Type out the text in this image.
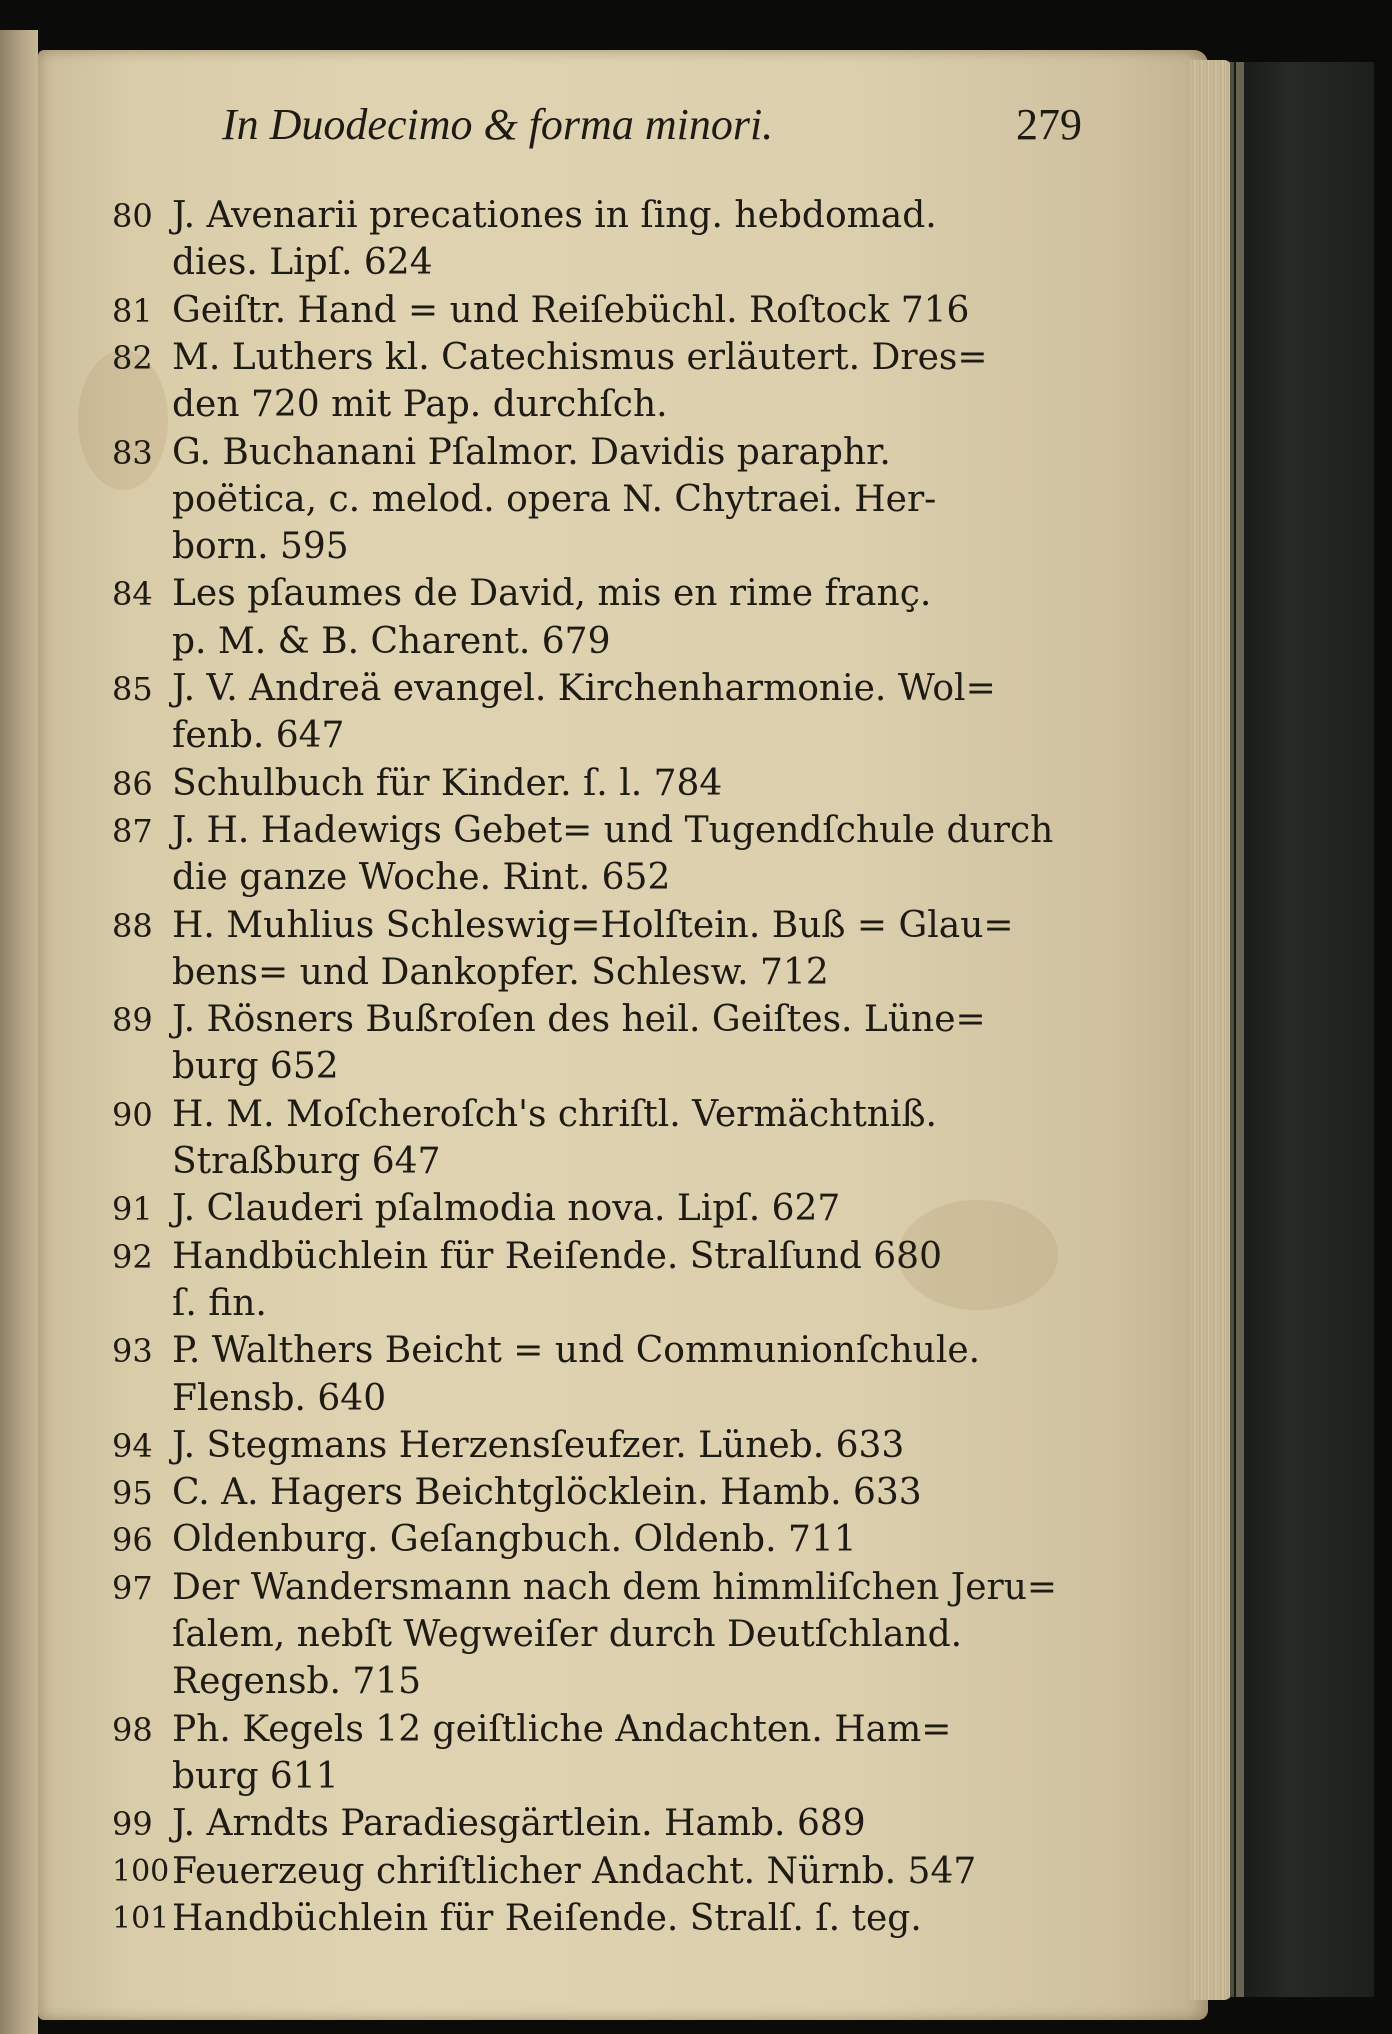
In Duodecimo & forma minori.	279
80 J. Avenarii precationes in ſing. hebdomad.
dies. Lipſ. 624
81 Geiſtr. Hand = und Reiſebüchl. Roſtock 716
82 M. Luthers kl. Catechismus erläutert. Dres=
den 720 mit Pap. durchſch.
83 G. Buchanani Pſalmor. Davidis paraphr.
poëtica, c. melod. opera N. Chytraei. Her-
born. 595
84 Les pſaumes de David, mis en rime franç.
p. M. & B. Charent. 679
85 J. V. Andreä evangel. Kirchenharmonie. Wol=
fenb. 647
86 Schulbuch für Kinder. ſ. l. 784
87 J. H. Hadewigs Gebet= und Tugendſchule durch
die ganze Woche. Rint. 652
88 H. Muhlius Schleswig=Holſtein. Buß = Glau=
bens= und Dankopfer. Schlesw. 712
89 J. Rösners Bußroſen des heil. Geiſtes. Lüne=
burg 652
90 H. M. Moſcheroſch's chriſtl. Vermächtniß.
Straßburg 647
91 J. Clauderi pſalmodia nova. Lipſ. 627
92 Handbüchlein für Reiſende. Stralſund 680
ſ. fin.
93 P. Walthers Beicht = und Communionſchule.
Flensb. 640
94 J. Stegmans Herzensſeufzer. Lüneb. 633
95 C. A. Hagers Beichtglöcklein. Hamb. 633
96 Oldenburg. Geſangbuch. Oldenb. 711
97 Der Wandersmann nach dem himmliſchen Jeru=
ſalem, nebſt Wegweiſer durch Deutſchland.
Regensb. 715
98 Ph. Kegels 12 geiſtliche Andachten. Ham=
burg 611
99 J. Arndts Paradiesgärtlein. Hamb. 689
100 Feuerzeug chriſtlicher Andacht. Nürnb. 547
101 Handbüchlein für Reiſende. Stralſ. ſ. teg.
